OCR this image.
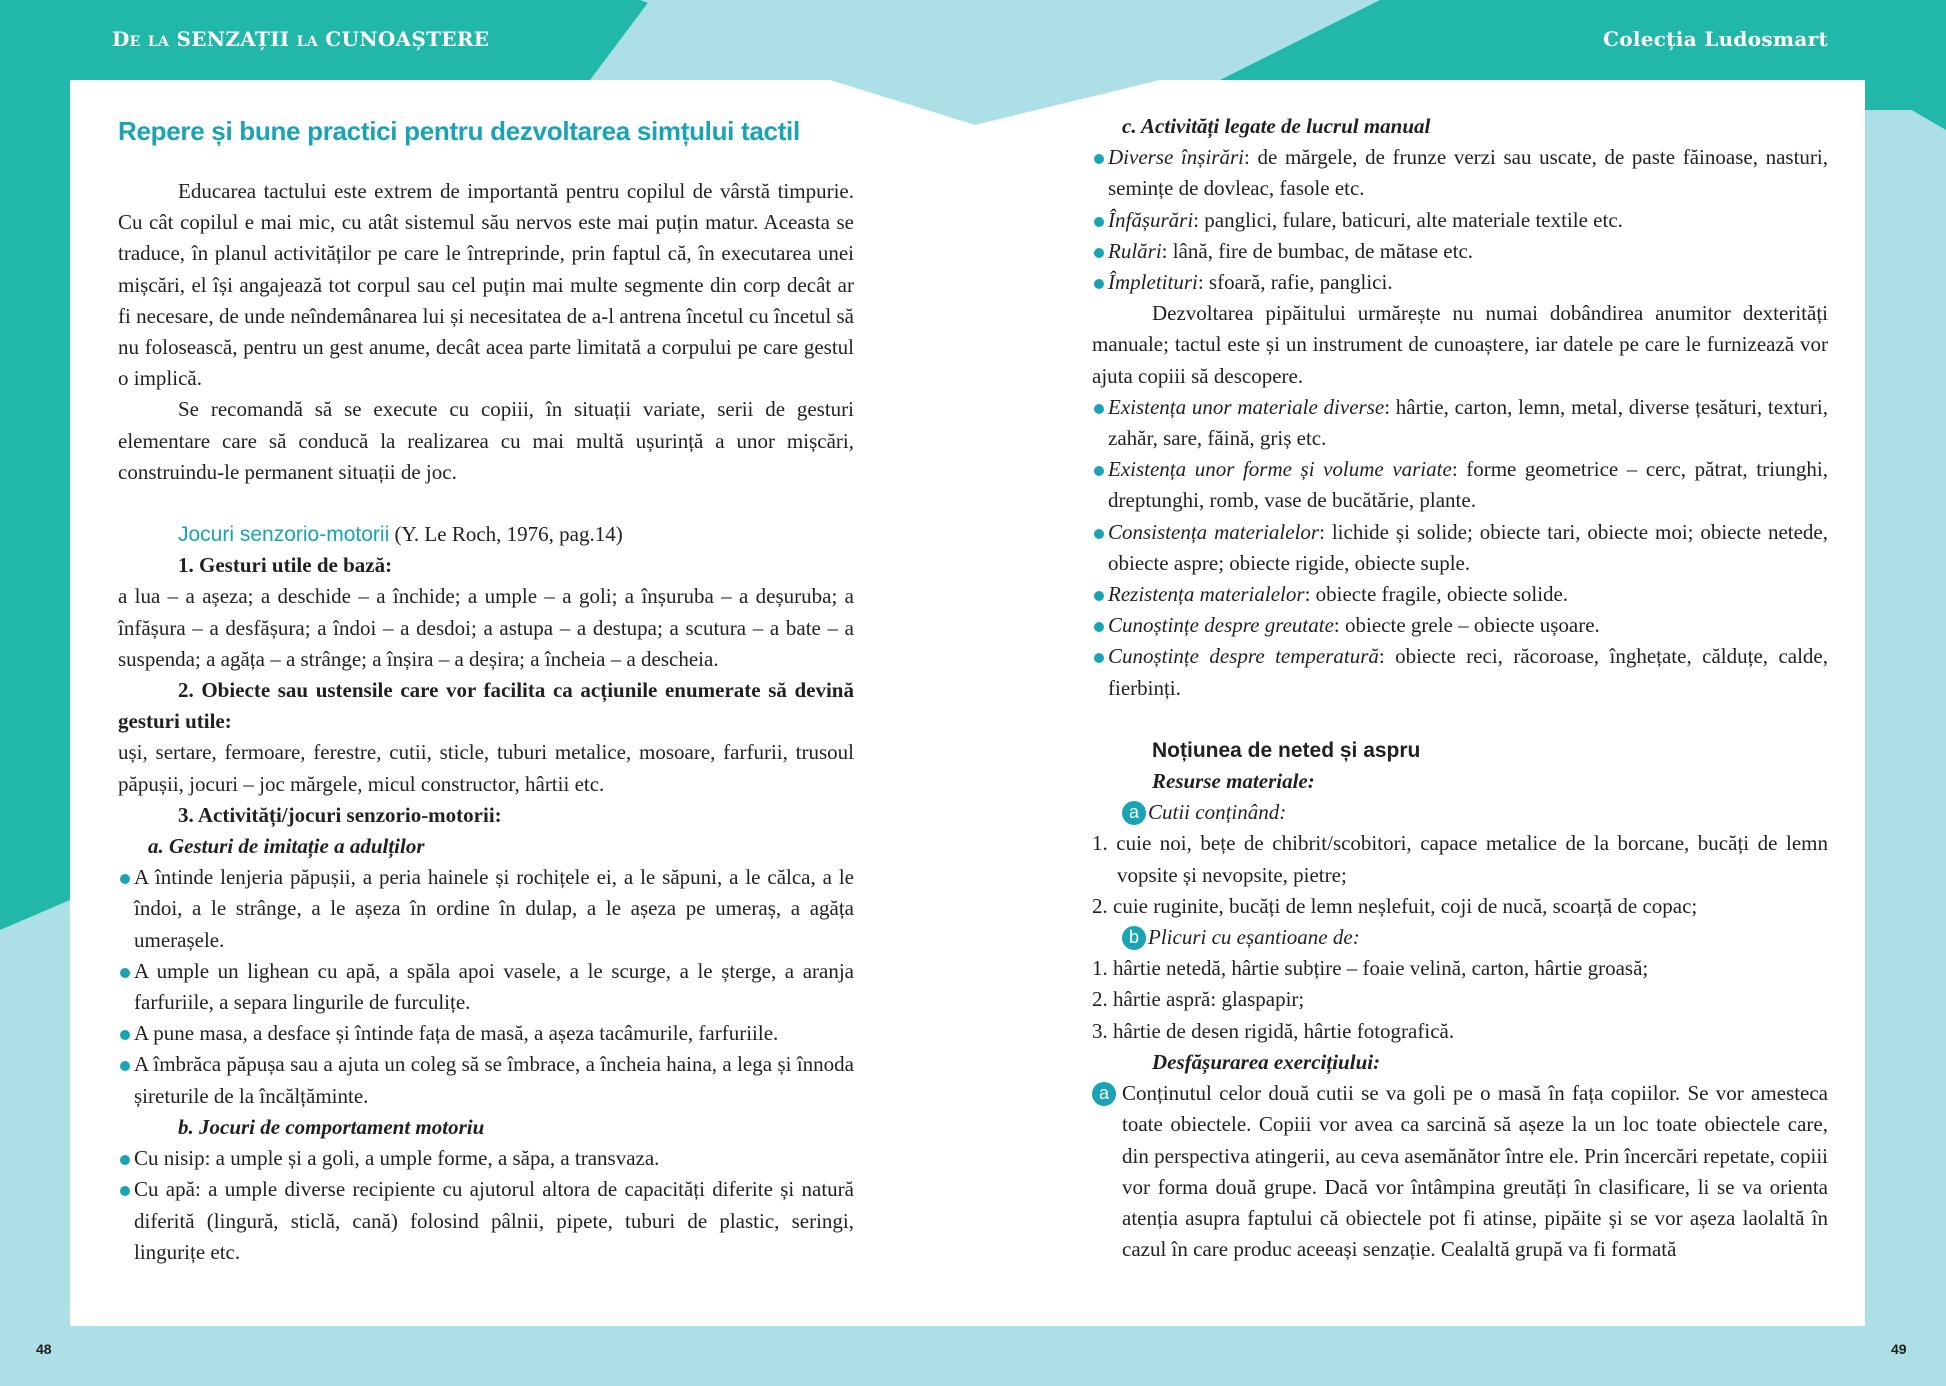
De la SENZAȚII la CUNOAȘTERE	Colecția Ludosmart
48	49

Repere și bune practici pentru dezvoltarea simțului tactil

Educarea tactului este extrem de importantă pentru copilul de vârstă timpurie. Cu cât copilul e mai mic, cu atât sistemul său nervos este mai puțin matur. Aceasta se traduce, în planul activităților pe care le întreprinde, prin faptul că, în executarea unei mișcări, el își angajează tot corpul sau cel puțin mai multe segmente din corp decât ar fi necesare, de unde neîndemânarea lui și necesitatea de a-l antrena încetul cu încetul să nu folosească, pentru un gest anume, decât acea parte limitată a corpului pe care gestul o implică.

Se recomandă să se execute cu copiii, în situații variate, serii de gesturi elementare care să conducă la realizarea cu mai multă ușurință a unor mișcări, construindu-le permanent situații de joc.

Jocuri senzorio-motorii (Y. Le Roch, 1976, pag.14)

1. Gesturi utile de bază:

a lua – a așeza; a deschide – a închide; a umple – a goli; a înșuruba – a deșuruba; a înfășura – a desfășura; a îndoi – a desdoi; a astupa – a destupa; a scutura – a bate – a suspenda; a agăța – a strânge; a înșira – a deșira; a încheia – a descheia.

2. Obiecte sau ustensile care vor facilita ca acțiunile enumerate să devină gesturi utile:

uși, sertare, fermoare, ferestre, cutii, sticle, tuburi metalice, mosoare, farfurii, trusoul păpușii, jocuri – joc mărgele, micul constructor, hârtii etc.

3. Activități/jocuri senzorio-motorii:

a. Gesturi de imitație a adulților

A întinde lenjeria păpușii, a peria hainele și rochițele ei, a le săpuni, a le călca, a le îndoi, a le strânge, a le așeza în ordine în dulap, a le așeza pe umeraș, a agăța umerașele.

A umple un lighean cu apă, a spăla apoi vasele, a le scurge, a le șterge, a aranja farfuriile, a separa lingurile de furculițe.

A pune masa, a desface și întinde fața de masă, a așeza tacâmurile, farfuriile.

A îmbrăca păpușa sau a ajuta un coleg să se îmbrace, a încheia haina, a lega și înnoda șireturile de la încălțăminte.

b. Jocuri de comportament motoriu

Cu nisip: a umple și a goli, a umple forme, a săpa, a transvaza.

Cu apă: a umple diverse recipiente cu ajutorul altora de capacități diferite și natură diferită (lingură, sticlă, cană) folosind pâlnii, pipete, tuburi de plastic, seringi, lingurițe etc.

c. Activități legate de lucrul manual

Diverse înșirări: de mărgele, de frunze verzi sau uscate, de paste făinoase, nasturi, semințe de dovleac, fasole etc.

Înfășurări: panglici, fulare, baticuri, alte materiale textile etc.

Rulări: lână, fire de bumbac, de mătase etc.

Împletituri: sfoară, rafie, panglici.

Dezvoltarea pipăitului urmărește nu numai dobândirea anumitor dexterități manuale; tactul este și un instrument de cunoaștere, iar datele pe care le furnizează vor ajuta copiii să descopere.

Existența unor materiale diverse: hârtie, carton, lemn, metal, diverse țesături, texturi, zahăr, sare, făină, griș etc.

Existența unor forme și volume variate: forme geometrice – cerc, pătrat, triunghi, dreptunghi, romb, vase de bucătărie, plante.

Consistența materialelor: lichide și solide; obiecte tari, obiecte moi; obiecte netede, obiecte aspre; obiecte rigide, obiecte suple.

Rezistența materialelor: obiecte fragile, obiecte solide.

Cunoștințe despre greutate: obiecte grele – obiecte ușoare.

Cunoștințe despre temperatură: obiecte reci, răcoroase, înghețate, călduțe, calde, fierbinți.

Noțiunea de neted și aspru

Resurse materiale:

a Cutii conținând:

1. cuie noi, bețe de chibrit/scobitori, capace metalice de la borcane, bucăți de lemn vopsite și nevopsite, pietre;

2. cuie ruginite, bucăți de lemn neșlefuit, coji de nucă, scoarță de copac;

b Plicuri cu eșantioane de:

1. hârtie netedă, hârtie subțire – foaie velină, carton, hârtie groasă;

2. hârtie aspră: glaspapir;

3. hârtie de desen rigidă, hârtie fotografică.

Desfășurarea exercițiului:

a Conținutul celor două cutii se va goli pe o masă în fața copiilor. Se vor amesteca toate obiectele. Copiii vor avea ca sarcină să așeze la un loc toate obiectele care, din perspectiva atingerii, au ceva asemănător între ele. Prin încercări repetate, copiii vor forma două grupe. Dacă vor întâmpina greutăți în clasificare, li se va orienta atenția asupra faptului că obiectele pot fi atinse, pipăite și se vor așeza laolaltă în cazul în care produc aceeași senzație. Cealaltă grupă va fi formată
